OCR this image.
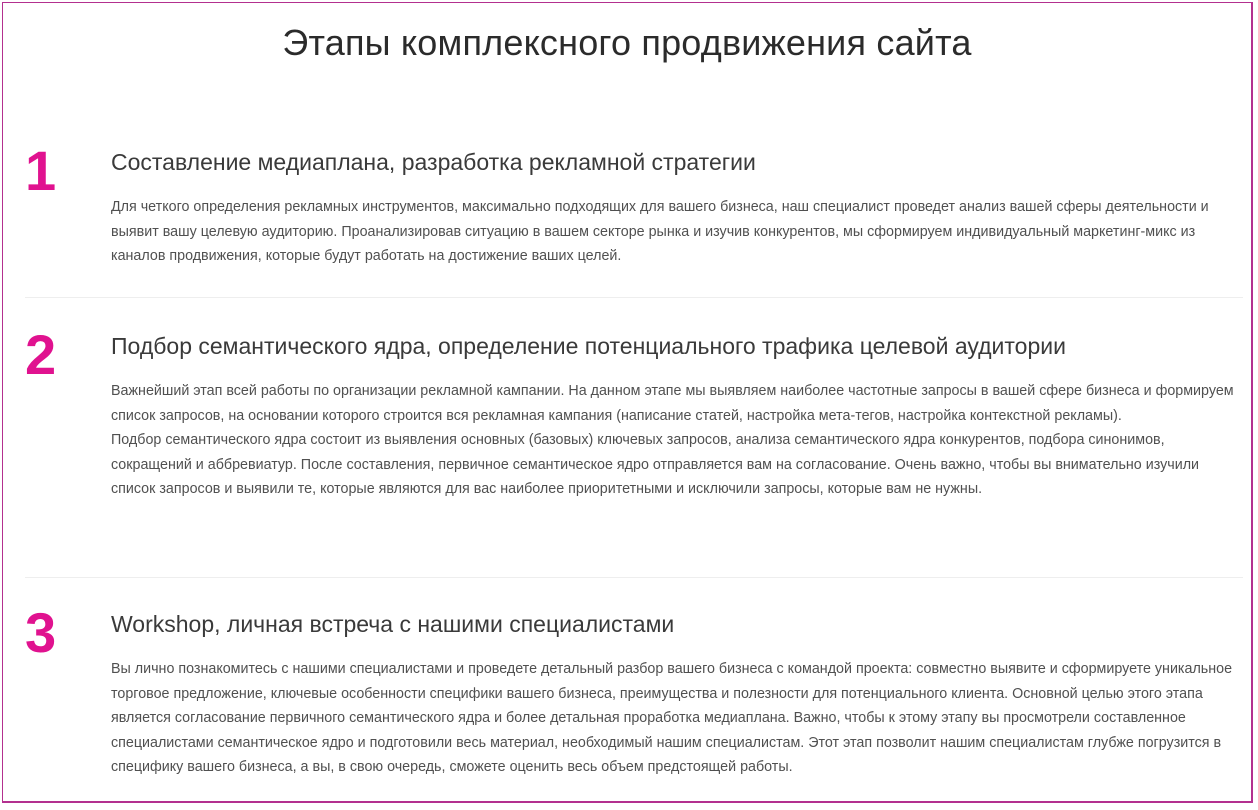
Этапы комплексного продвижения сайта
1 Составление медиаплана, разработка рекламной стратегии

Для четкого определения рекламных инструментов, максимально подходящих для вашего бизнеса, наш специалист проведет анализ вашей сферы деятельности и выявит вашу целевую аудиторию. Проанализировав ситуацию в вашем секторе рынка и изучив конкурентов, мы сформируем индивидуальный маркетинг-микс из каналов продвижения, которые будут работать на достижение ваших целей.

2 Подбор семантического ядра, определение потенциального трафика целевой аудитории

Важнейший этап всей работы по организации рекламной кампании. На данном этапе мы выявляем наиболее частотные запросы в вашей сфере бизнеса и формируем список запросов, на основании которого строится вся рекламная кампания (написание статей, настройка мета-тегов, настройка контекстной рекламы).

Подбор семантического ядра состоит из выявления основных (базовых) ключевых запросов, анализа семантического ядра конкурентов, подбора синонимов, сокращений и аббревиатур. После составления, первичное семантическое ядро отправляется вам на согласование. Очень важно, чтобы вы внимательно изучили список запросов и выявили те, которые являются для вас наиболее приоритетными и исключили запросы, которые вам не нужны.

3 Workshop, личная встреча с нашими специалистами

Вы лично познакомитесь с нашими специалистами и проведете детальный разбор вашего бизнеса с командой проекта: совместно выявите и сформируете уникальное торговое предложение, ключевые особенности специфики вашего бизнеса, преимущества и полезности для потенциального клиента. Основной целью этого этапа является согласование первичного семантического ядра и более детальная проработка медиаплана. Важно, чтобы к этому этапу вы просмотрели составленное специалистами семантическое ядро и подготовили весь материал, необходимый нашим специалистам. Этот этап позволит нашим специалистам глубже погрузится в специфику вашего бизнеса, а вы, в свою очередь, сможете оценить весь объем предстоящей работы.
